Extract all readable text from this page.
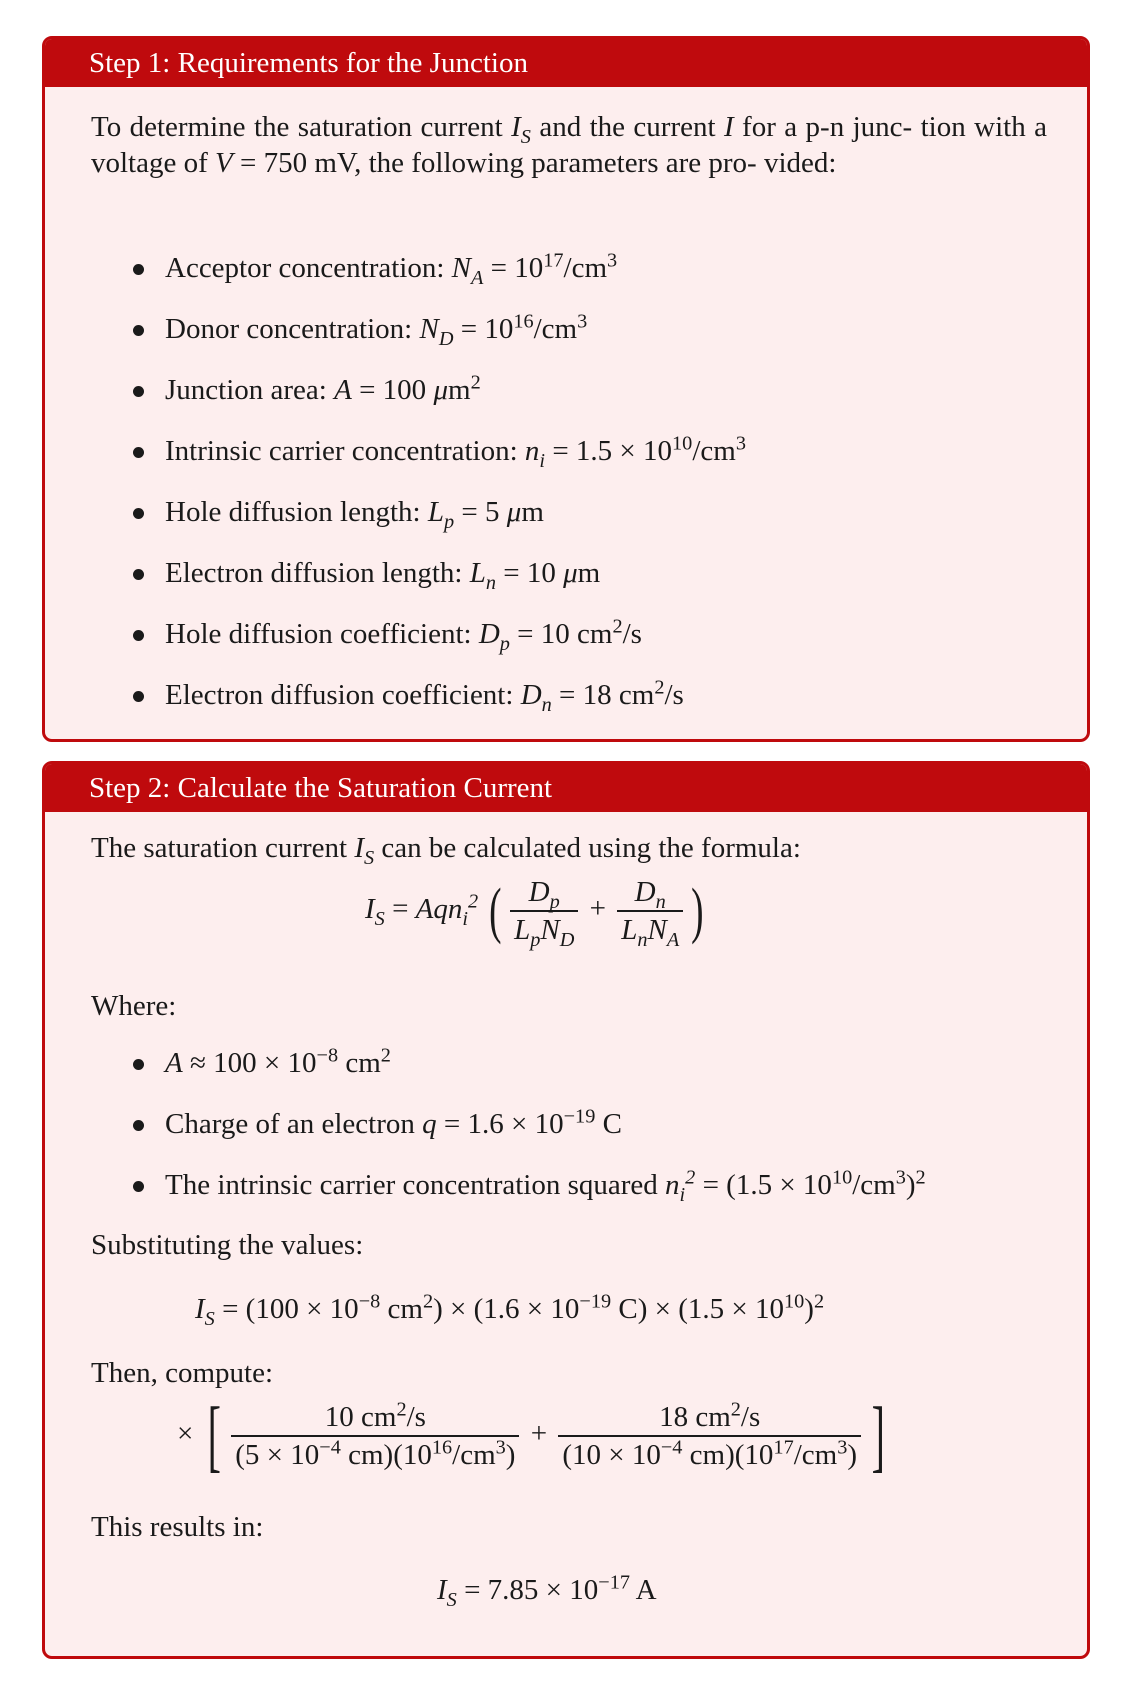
Step 1: Requirements for the Junction
To determine the saturation current $I_S$ and the current I for a p-n junc- tion with a voltage of V = 750 mV, the following parameters are pro- vided:
Acceptor concentration: $N_A = 10^{17}/cm^3$
Donor concentration: $N_D = 10^{16}/cm^3$
Junction area: A = 100 $\mu m^2$
Intrinsic carrier concentration: $n_i = 1.5 \times 10^{10}/cm^3$
Hole diffusion length: $L_p = 5$ μm
Electron diffusion length: $L_n = 10$ μm
Hole diffusion coefficient: $D_p = 10$ $cm^2/s$
Electron diffusion coefficient: $D_n = 18$ $cm^2/s$
Step 2: Calculate the Saturation Current
The saturation current $I_S$ can be calculated using the formula:
$I_S = Aqn_i^2$ ( $\frac{D_p}{L_pN_D} + \frac{D_n}{L_nN_A}$ )
Where:
$A \approx 100 \times 10^{-8}$ $cm^2$
Charge of an electron $q = 1.6 \times 10^{-19}$ C
The intrinsic carrier concentration squared $n_i^2 = (1.5 \times 10^{10}/cm^3)^2$
Substituting the values:
$I_S = (100 \times 10^{-8}$ $cm^2) \times (1.6 \times 10^{-19}$ $C) \times (1.5 \times 10^{10})^2$
Then, compute:
× [ $\frac{10 cm^2/s}{(5 \times 10^{-4} cm)(10^{16}/cm^3)} + \frac{18 cm^2/s}{(10 \times 10^{-4} cm)(10^{17}/cm^3)}$ ]
This results in:
$I_S = 7.85 \times 10^{-17}$ A
